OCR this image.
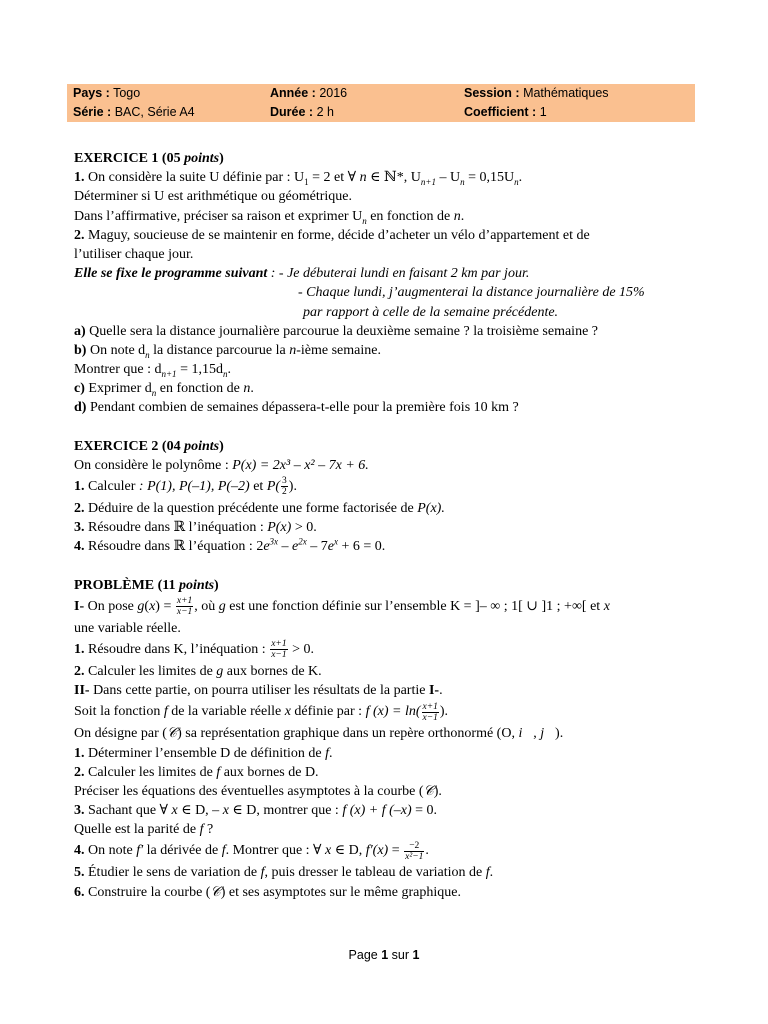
Pays : Togo	Année : 2016	Session : Mathématiques
Série : BAC, Série A4	Durée : 2 h	Coefficient : 1
EXERCICE 1 (05 points)
1. On considère la suite U définie par : $U_1 = 2$ et ∀ n ∈ ℕ*, $U_{n+1} - U_n = 0,15U_n$.
Déterminer si U est arithmétique ou géométrique.
Dans l’affirmative, préciser sa raison et exprimer $U_n$ en fonction de n.
2. Maguy, soucieuse de se maintenir en forme, décide d’acheter un vélo d’appartement et de
l’utiliser chaque jour.
Elle se fixe le programme suivant : - Je débuterai lundi en faisant 2 km par jour.
- Chaque lundi, j’augmenterai la distance journalière de 15%
par rapport à celle de la semaine précédente.
a) Quelle sera la distance journalière parcourue la deuxième semaine ? la troisième semaine ?
b) On note $d_n$ la distance parcourue la n-ième semaine.
Montrer que : $d_{n+1} = 1,15d_n$.
c) Exprimer $d_n$ en fonction de n.
d) Pendant combien de semaines dépassera-t-elle pour la première fois 10 km ?
EXERCICE 2 (04 points)
On considère le polynôme : P(x) = 2x³ – x² – 7x + 6.
1. Calculer : P(1), P(–1), P(–2) et $P( \frac{3}{2}$ ).
2. Déduire de la question précédente une forme factorisée de P(x).
3. Résoudre dans ℝ l’inéquation : P(x) > 0.
4. Résoudre dans ℝ l’équation : $2e^{3x} - e^{2x} - 7e^x + 6 = 0$.
PROBLÈME (11 points)
I- On pose $g(x) = \frac{x+1}{x-1}$ , où g est une fonction définie sur l’ensemble K = ]– ∞ ; 1[ ∪ ]1 ; +∞[ et x
une variable réelle.
1. Résoudre dans K, l’inéquation : $\frac{x+1}{x-1} > 0$.
2. Calculer les limites de g aux bornes de K.
II- Dans cette partie, on pourra utiliser les résultats de la partie I-.
Soit la fonction f de la variable réelle x définie par : f $(x) = \ln( \frac{x+1}{x-1}$ ).
On désigne par (𝒞) sa représentation graphique dans un repère orthonormé (O, i⃗, j⃗).
1. Déterminer l’ensemble D de définition de f.
2. Calculer les limites de f aux bornes de D.
Préciser les équations des éventuelles asymptotes à la courbe (𝒞).
3. Sachant que ∀ x ∈ D, – x ∈ D, montrer que : f (x) + f (–x) = 0.
Quelle est la parité de f ?
4. On note f′ la dérivée de f. Montrer que : ∀ x ∈ D, $f'(x) = \frac{-2}{\text{x²−1}}$ .
5. Étudier le sens de variation de f, puis dresser le tableau de variation de f.
6. Construire la courbe (𝒞) et ses asymptotes sur le même graphique.
Page 1 sur 1
